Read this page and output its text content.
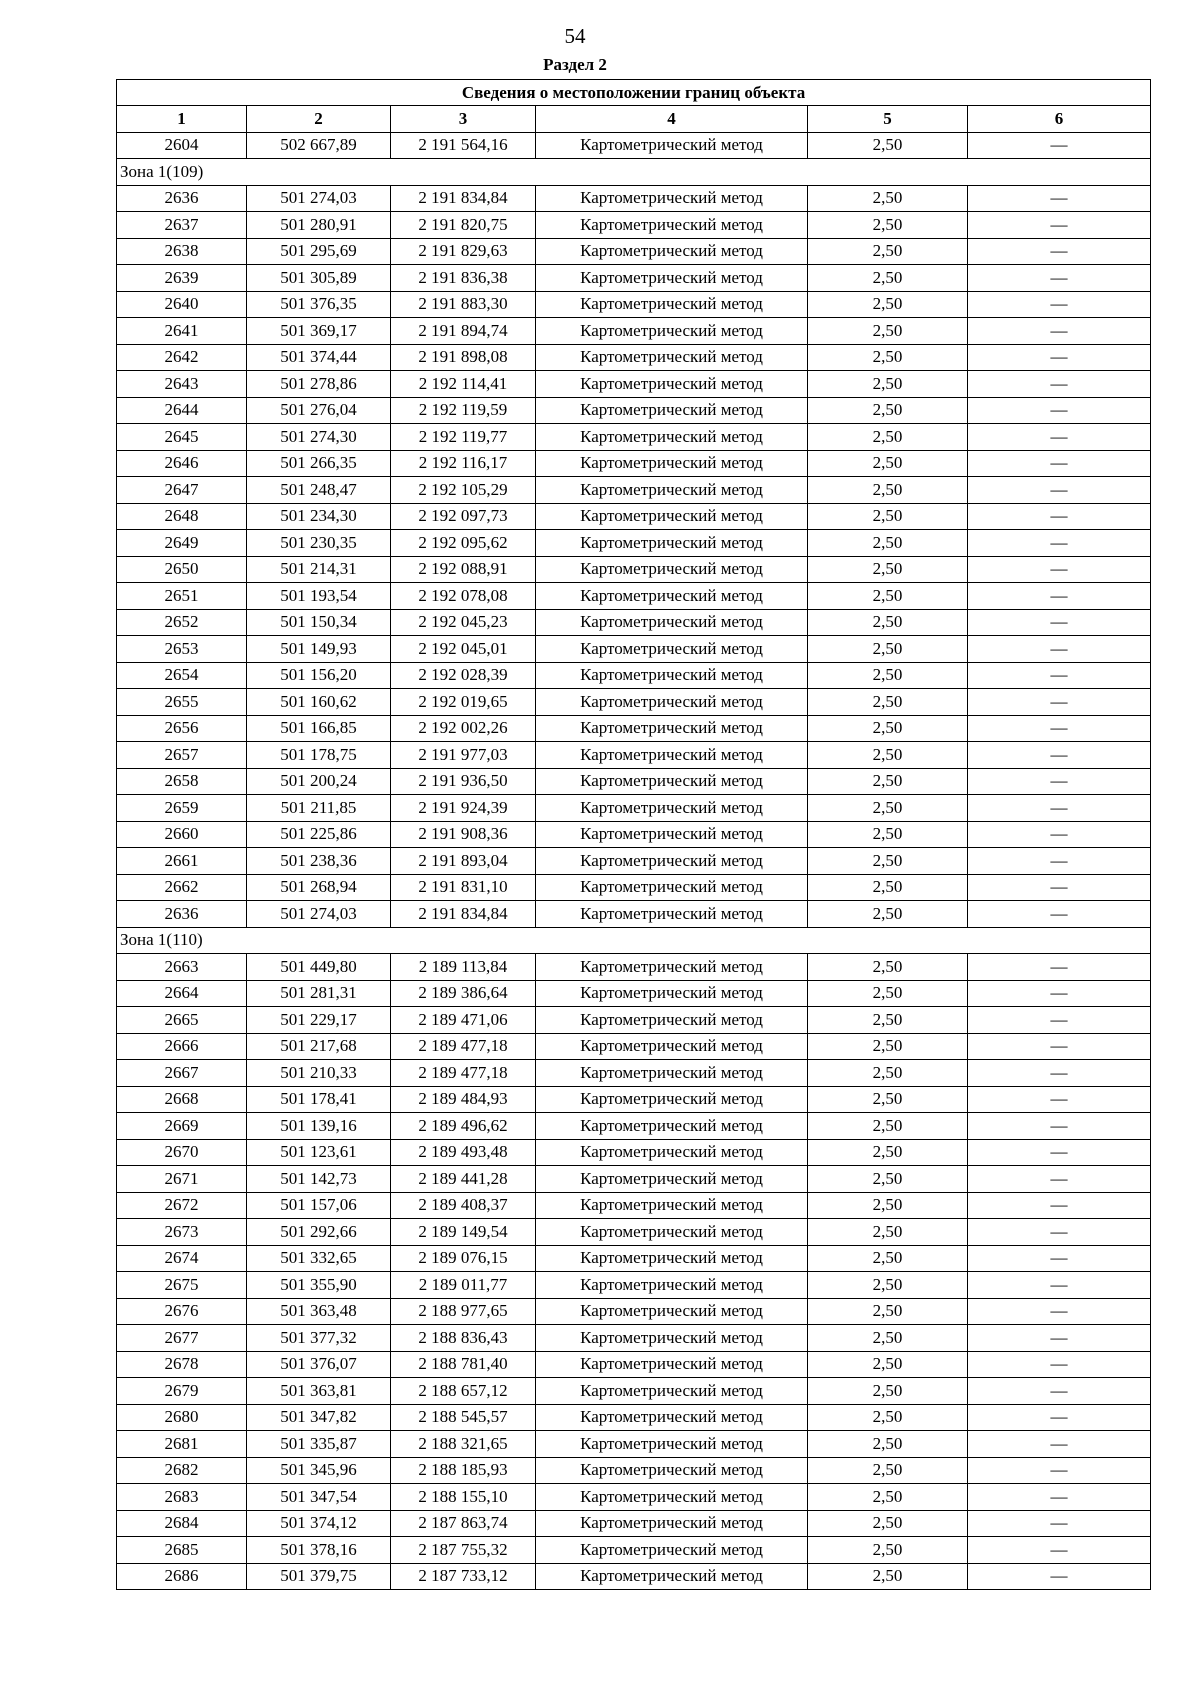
54
Раздел 2
Сведения о местоположении границ объекта					
1	2	3	4	5	6
2604	502 667,89	2 191 564,16	Картометрический метод	2,50	—
Зона 1(109)					
2636	501 274,03	2 191 834,84	Картометрический метод	2,50	—
2637	501 280,91	2 191 820,75	Картометрический метод	2,50	—
2638	501 295,69	2 191 829,63	Картометрический метод	2,50	—
2639	501 305,89	2 191 836,38	Картометрический метод	2,50	—
2640	501 376,35	2 191 883,30	Картометрический метод	2,50	—
2641	501 369,17	2 191 894,74	Картометрический метод	2,50	—
2642	501 374,44	2 191 898,08	Картометрический метод	2,50	—
2643	501 278,86	2 192 114,41	Картометрический метод	2,50	—
2644	501 276,04	2 192 119,59	Картометрический метод	2,50	—
2645	501 274,30	2 192 119,77	Картометрический метод	2,50	—
2646	501 266,35	2 192 116,17	Картометрический метод	2,50	—
2647	501 248,47	2 192 105,29	Картометрический метод	2,50	—
2648	501 234,30	2 192 097,73	Картометрический метод	2,50	—
2649	501 230,35	2 192 095,62	Картометрический метод	2,50	—
2650	501 214,31	2 192 088,91	Картометрический метод	2,50	—
2651	501 193,54	2 192 078,08	Картометрический метод	2,50	—
2652	501 150,34	2 192 045,23	Картометрический метод	2,50	—
2653	501 149,93	2 192 045,01	Картометрический метод	2,50	—
2654	501 156,20	2 192 028,39	Картометрический метод	2,50	—
2655	501 160,62	2 192 019,65	Картометрический метод	2,50	—
2656	501 166,85	2 192 002,26	Картометрический метод	2,50	—
2657	501 178,75	2 191 977,03	Картометрический метод	2,50	—
2658	501 200,24	2 191 936,50	Картометрический метод	2,50	—
2659	501 211,85	2 191 924,39	Картометрический метод	2,50	—
2660	501 225,86	2 191 908,36	Картометрический метод	2,50	—
2661	501 238,36	2 191 893,04	Картометрический метод	2,50	—
2662	501 268,94	2 191 831,10	Картометрический метод	2,50	—
2636	501 274,03	2 191 834,84	Картометрический метод	2,50	—
Зона 1(110)					
2663	501 449,80	2 189 113,84	Картометрический метод	2,50	—
2664	501 281,31	2 189 386,64	Картометрический метод	2,50	—
2665	501 229,17	2 189 471,06	Картометрический метод	2,50	—
2666	501 217,68	2 189 477,18	Картометрический метод	2,50	—
2667	501 210,33	2 189 477,18	Картометрический метод	2,50	—
2668	501 178,41	2 189 484,93	Картометрический метод	2,50	—
2669	501 139,16	2 189 496,62	Картометрический метод	2,50	—
2670	501 123,61	2 189 493,48	Картометрический метод	2,50	—
2671	501 142,73	2 189 441,28	Картометрический метод	2,50	—
2672	501 157,06	2 189 408,37	Картометрический метод	2,50	—
2673	501 292,66	2 189 149,54	Картометрический метод	2,50	—
2674	501 332,65	2 189 076,15	Картометрический метод	2,50	—
2675	501 355,90	2 189 011,77	Картометрический метод	2,50	—
2676	501 363,48	2 188 977,65	Картометрический метод	2,50	—
2677	501 377,32	2 188 836,43	Картометрический метод	2,50	—
2678	501 376,07	2 188 781,40	Картометрический метод	2,50	—
2679	501 363,81	2 188 657,12	Картометрический метод	2,50	—
2680	501 347,82	2 188 545,57	Картометрический метод	2,50	—
2681	501 335,87	2 188 321,65	Картометрический метод	2,50	—
2682	501 345,96	2 188 185,93	Картометрический метод	2,50	—
2683	501 347,54	2 188 155,10	Картометрический метод	2,50	—
2684	501 374,12	2 187 863,74	Картометрический метод	2,50	—
2685	501 378,16	2 187 755,32	Картометрический метод	2,50	—
2686	501 379,75	2 187 733,12	Картометрический метод	2,50	—
